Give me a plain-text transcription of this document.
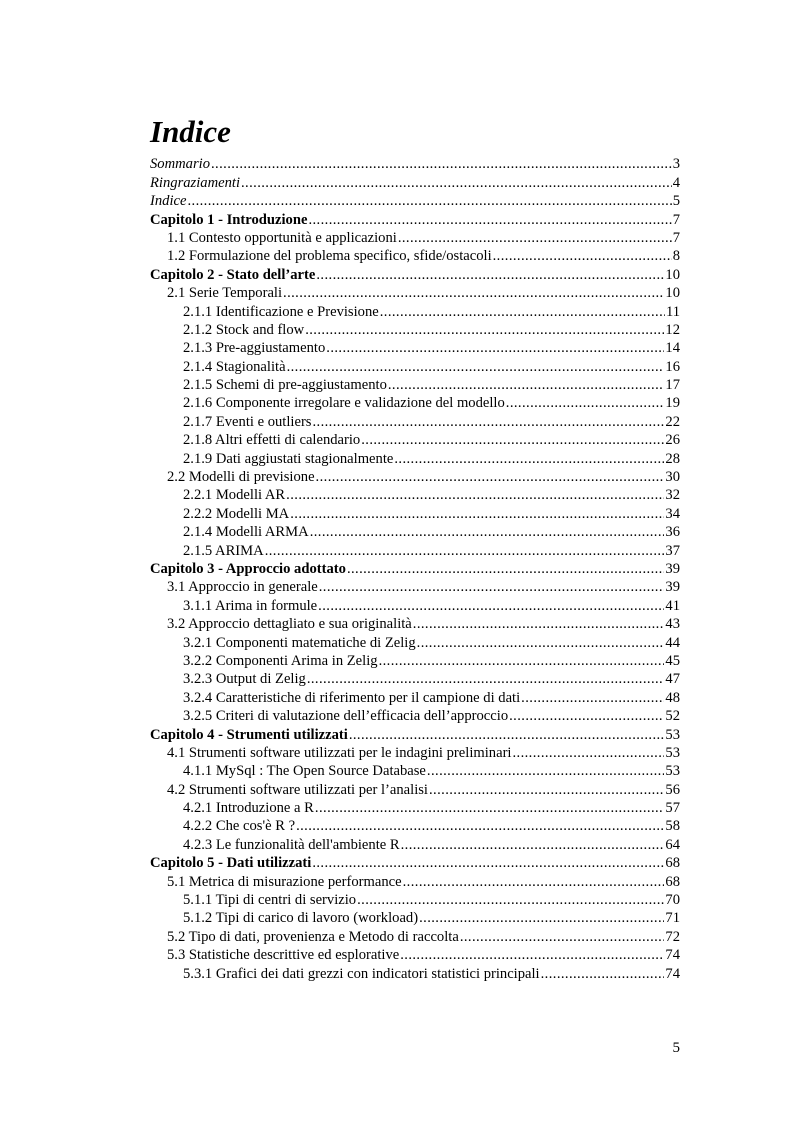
Indice
Sommario .....	3
Ringraziamenti .....	4
Indice .....	5
Capitolo 1 - Introduzione .....	7
1.1 Contesto opportunità e applicazioni .....	7
1.2 Formulazione del problema specifico, sfide/ostacoli .....	8
Capitolo 2 - Stato dell’arte .....	10
2.1 Serie Temporali .....	10
2.1.1 Identificazione e Previsione .....	11
2.1.2 Stock and flow .....	12
2.1.3 Pre-aggiustamento .....	14
2.1.4 Stagionalità .....	16
2.1.5 Schemi di pre-aggiustamento .....	17
2.1.6 Componente irregolare e validazione del modello .....	19
2.1.7 Eventi e outliers .....	22
2.1.8 Altri effetti di calendario .....	26
2.1.9 Dati aggiustati stagionalmente .....	28
2.2 Modelli di previsione .....	30
2.2.1 Modelli AR .....	32
2.2.2 Modelli MA .....	34
2.1.4 Modelli ARMA .....	36
2.1.5 ARIMA .....	37
Capitolo 3 - Approccio adottato .....	39
3.1 Approccio in generale .....	39
3.1.1 Arima in formule .....	41
3.2 Approccio dettagliato e sua originalità .....	43
3.2.1 Componenti matematiche di Zelig .....	44
3.2.2 Componenti Arima in Zelig .....	45
3.2.3 Output di Zelig .....	47
3.2.4 Caratteristiche di riferimento per il campione di dati .....	48
3.2.5 Criteri di valutazione dell’efficacia dell’approccio .....	52
Capitolo 4 - Strumenti utilizzati .....	53
4.1 Strumenti software utilizzati per le indagini preliminari .....	53
4.1.1 MySql : The Open Source Database .....	53
4.2 Strumenti software utilizzati per l’analisi .....	56
4.2.1 Introduzione a R .....	57
4.2.2 Che cos'è R ? .....	58
4.2.3 Le funzionalità dell'ambiente R .....	64
Capitolo 5 - Dati utilizzati .....	68
5.1 Metrica di misurazione performance .....	68
5.1.1 Tipi di centri di servizio .....	70
5.1.2 Tipi di carico di lavoro (workload) .....	71
5.2 Tipo di dati, provenienza e Metodo di raccolta .....	72
5.3 Statistiche descrittive ed esplorative .....	74
5.3.1 Grafici dei dati grezzi con indicatori statistici principali .....	74
5
